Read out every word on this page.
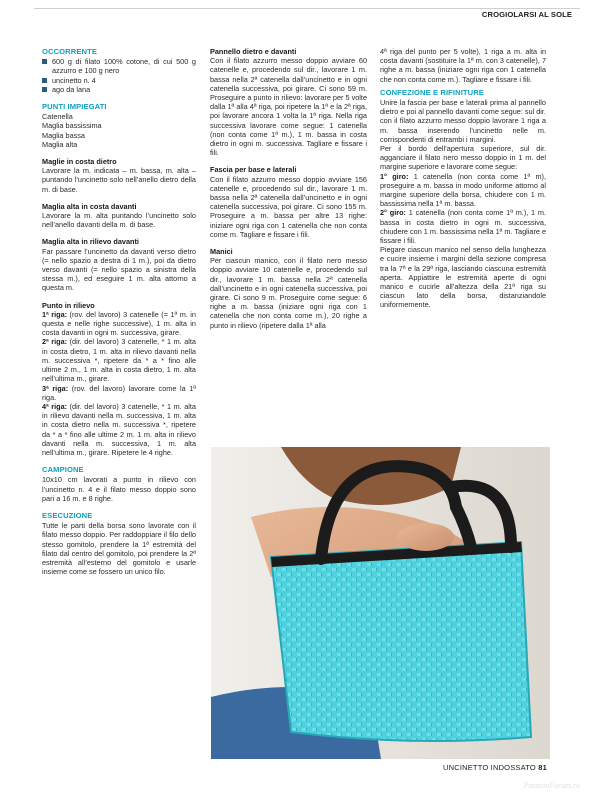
CROGIOLARSI AL SOLE
OCCORRENTE
600 g di filato 100% cotone, di cui 500 g azzurro e 100 g nero
uncinetto n. 4
ago da lana
PUNTI IMPIEGATI

Catenella

Maglia bassissima

Maglia bassa

Maglia alta

Maglie in costa dietro

Lavorare la m. indicata – m. bassa, m. alta – puntando l’uncinetto solo nell’anello dietro della m. di base.

Maglia alta in costa davanti

Lavorare la m. alta puntando l’uncinetto solo nell’anello davanti della m. di base.

Maglia alta in rilievo davanti

Far passare l’uncinetto da davanti verso dietro (= nello spazio a destra di 1 m.), poi da dietro verso davanti (= nello spazio a sinistra della stessa m.), ed eseguire 1 m. alta attorno a questa m.

Punto in rilievo

1ª riga: (rov. del lavoro) 3 catenelle (= 1ª m. in questa e nelle righe successive), 1 m. alta in costa davanti in ogni m. successiva, girare.

2ª riga: (dir. del lavoro) 3 catenelle, * 1 m. alta in costa dietro, 1 m. alta in rilievo davanti nella m. successiva *, ripetere da * a * fino alle ultime 2 m., 1 m. alta in costa dietro, 1 m. alta nell’ultima m., girare.

3ª riga: (rov. del lavoro) lavorare come la 1ª riga.

4ª riga: (dir. del lavoro) 3 catenelle, * 1 m. alta in rilievo davanti nella m. successiva, 1 m. alta in costa dietro nella m. successiva *, ripetere da * a * fino alle ultime 2 m. 1 m. alta in rilievo davanti nella m. successiva, 1 m. alta nell’ultima m., girare. Ripetere le 4 righe.

CAMPIONE

10x10 cm lavorati a punto in rilievo con l’uncinetto n. 4 e il filato messo doppio sono pari a 16 m. e 8 righe.

ESECUZIONE

Tutte le parti della borsa sono lavorate con il filato messo doppio. Per raddoppiare il filo dello stesso gomitolo, prendere la 1ª estremità del filato dal centro del gomitolo, poi prendere la 2ª estremità all’esterno del gomitolo e usarle insieme come se fossero un unico filo.

Pannello dietro e davanti

Con il filato azzurro messo doppio avviare 60 catenelle e, procedendo sul dir., lavorare 1 m. bassa nella 2ª catenella dall’uncinetto e in ogni catenella successiva, poi girare. Ci sono 59 m. Proseguire a punto in rilievo: lavorare per 5 volte dalla 1ª alla 4ª riga, poi ripetere la 1ª e la 2ª riga, poi lavorare ancora 1 volta la 1ª riga. Nella riga successiva lavorare come segue: 1 catenella (non conta come 1ª m.), 1 m. bassa in costa dietro in ogni m. successiva. Tagliare e fissare i fili.

Fascia per base e laterali

Con il filato azzurro messo doppio avviare 156 catenelle e, procedendo sul dir., lavorare 1 m. bassa nella 2ª catenella dall’uncinetto e in ogni catenella successiva, poi girare. Ci sono 155 m. Proseguire a m. bassa per altre 13 righe: iniziare ogni riga con 1 catenella che non conta come m. Tagliare e fissare i fili.

Manici

Per ciascun manico, con il filato nero messo doppio avviare 10 catenelle e, procedendo sul dir., lavorare 1 m. bassa nella 2ª catenella dall’uncinetto e in ogni catenella successiva, poi girare. Ci sono 9 m. Proseguire come segue: 6 righe a m. bassa (iniziare ogni riga con 1 catenella che non conta come m.), 20 righe a punto in rilievo (ripetere dalla 1ª alla

4ª riga del punto per 5 volte), 1 riga a m. alta in costa davanti (sostituire la 1ª m. con 3 catenelle), 7 righe a m. bassa (iniziare ogni riga con 1 catenella che non conta come m.). Tagliare e fissare i fili.

CONFEZIONE E RIFINITURE

Unire la fascia per base e laterali prima al pannello dietro e poi al pannello davanti come segue: sul dir. con il filato azzurro messo doppio lavorare 1 riga a m. bassa inserendo l’uncinetto nelle m. corrispondenti di entrambi i margini.

Per il bordo dell’apertura superiore, sul dir. agganciare il filato nero messo doppio in 1 m. del margine superiore e lavorare come segue:

1° giro: 1 catenella (non conta come 1ª m), proseguire a m. bassa in modo uniforme attorno al margine superiore della borsa, chiudere con 1 m. bassissima nella 1ª m. bassa.

2° giro: 1 catenella (non conta come 1ª m.), 1 m. bassa in costa dietro in ogni m. successiva, chiudere con 1 m. bassissima nella 1ª m. Tagliare e fissare i fili.

Piegare ciascun manico nel senso della lunghezza e cucire insieme i margini della sezione compresa tra la 7ª e la 29ª riga, lasciando ciascuna estremità aperta. Appiattire le estremità aperte di ogni manico e cucirle all’altezza della 21ª riga su ciascun lato della borsa, distanziandole uniformemente.

UNCINETTO INDOSSATO 81
PassionForum.ru
